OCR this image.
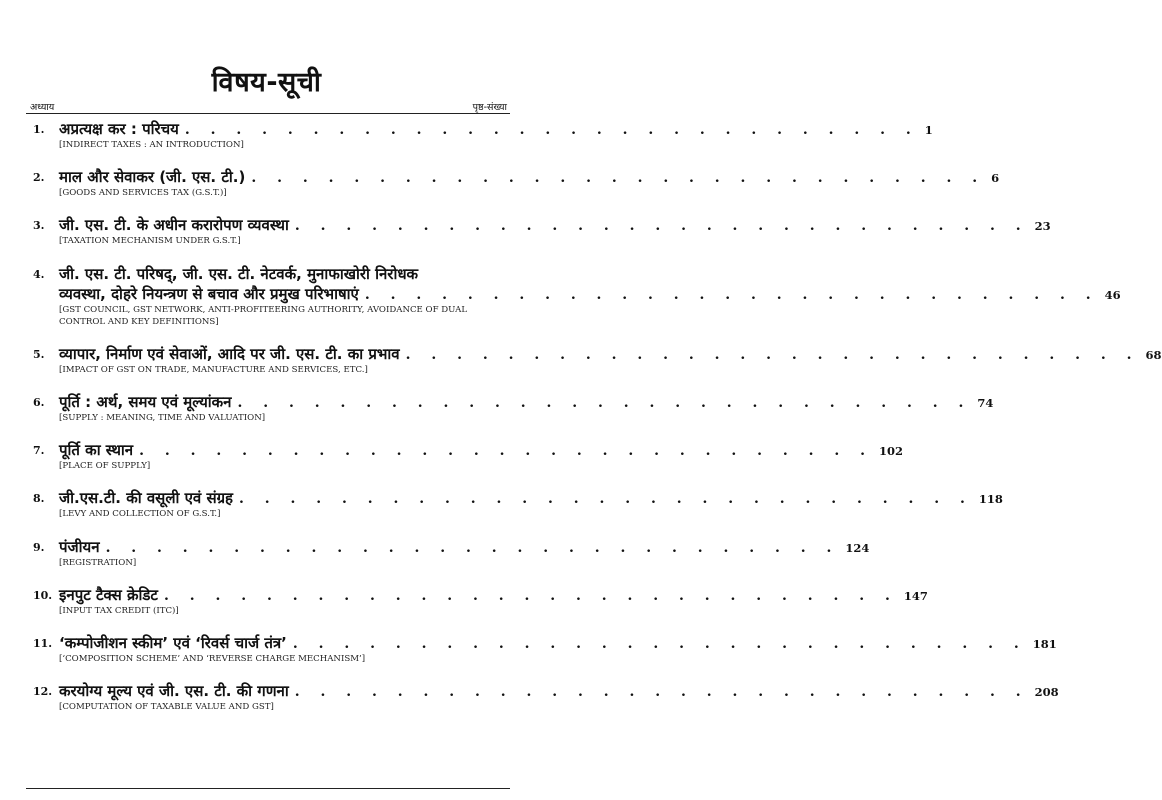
विषय-सूची
अध्याय	पृष्ठ-संख्या
1. अप्रत्यक्ष कर : परिचय . . . . . . . . . . . . . . . . . . . . . . . . . . . . . 1
[INDIRECT TAXES : AN INTRODUCTION]
2. माल और सेवाकर (जी. एस. टी.) . . . . . . . . . . . . . . . . . . . . . . . . . . . . . 6
[GOODS AND SERVICES TAX (G.S.T.)]
3. जी. एस. टी. के अधीन करारोपण व्यवस्था . . . . . . . . . . . . . . . . . . . . . . . . . . . . . 23
[TAXATION MECHANISM UNDER G.S.T.]
4. जी. एस. टी. परिषद्, जी. एस. टी. नेटवर्क, मुनाफाखोरी निरोधक
व्यवस्था, दोहरे नियन्त्रण से बचाव और प्रमुख परिभाषाएं . . . . . . . . . . . . . . . . . . . . . . . . . . . . . 46
[GST COUNCIL, GST NETWORK, ANTI-PROFITEERING AUTHORITY, AVOIDANCE OF DUAL CONTROL AND KEY DEFINITIONS]
5. व्यापार, निर्माण एवं सेवाओं, आदि पर जी. एस. टी. का प्रभाव . . . . . . . . . . . . . . . . . . . . . . . . . . . . . 68
[IMPACT OF GST ON TRADE, MANUFACTURE AND SERVICES, ETC.]
6. पूर्ति : अर्थ, समय एवं मूल्यांकन . . . . . . . . . . . . . . . . . . . . . . . . . . . . . 74
[SUPPLY : MEANING, TIME AND VALUATION]
7. पूर्ति का स्थान . . . . . . . . . . . . . . . . . . . . . . . . . . . . . 102
[PLACE OF SUPPLY]
8. जी.एस.टी. की वसूली एवं संग्रह . . . . . . . . . . . . . . . . . . . . . . . . . . . . . 118
[LEVY AND COLLECTION OF G.S.T.]
9. पंजीयन . . . . . . . . . . . . . . . . . . . . . . . . . . . . . 124
[REGISTRATION]
10. इनपुट टैक्स क्रेडिट . . . . . . . . . . . . . . . . . . . . . . . . . . . . . 147
[INPUT TAX CREDIT (ITC)]
11. ‘कम्पोजीशन स्कीम’ एवं ‘रिवर्स चार्ज तंत्र’ . . . . . . . . . . . . . . . . . . . . . . . . . . . . . 181
[‘COMPOSITION SCHEME’ AND ‘REVERSE CHARGE MECHANISM’]
12. करयोग्य मूल्य एवं जी. एस. टी. की गणना . . . . . . . . . . . . . . . . . . . . . . . . . . . . . 208
[COMPUTATION OF TAXABLE VALUE AND GST]
